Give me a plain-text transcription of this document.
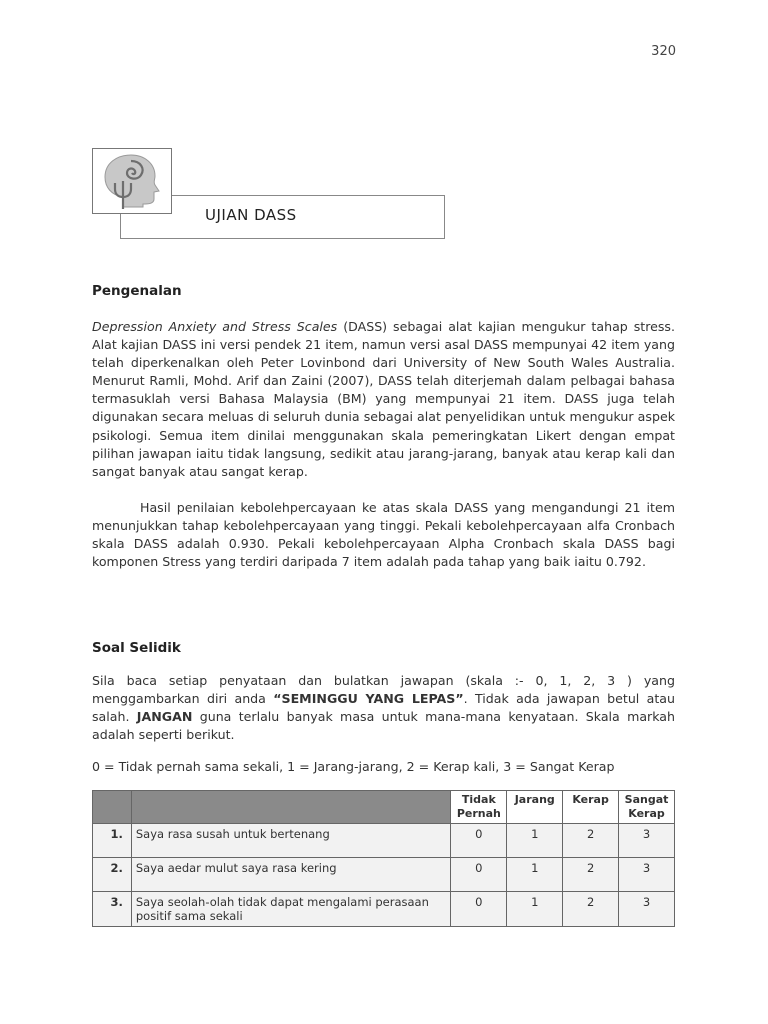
320
UJIAN DASS
Pengenalan

Depression Anxiety and Stress Scales (DASS) sebagai alat kajian mengukur tahap stress. Alat kajian DASS ini versi pendek 21 item, namun versi asal DASS mempunyai 42 item yang telah diperkenalkan oleh Peter Lovinbond dari University of New South Wales Australia. Menurut Ramli, Mohd. Arif dan Zaini (2007), DASS telah diterjemah dalam pelbagai bahasa termasuklah versi Bahasa Malaysia (BM) yang mempunyai 21 item. DASS juga telah digunakan secara meluas di seluruh dunia sebagai alat penyelidikan untuk mengukur aspek psikologi. Semua item dinilai menggunakan skala pemeringkatan Likert dengan empat pilihan jawapan iaitu tidak langsung, sedikit atau jarang-jarang, banyak atau kerap kali dan sangat banyak atau sangat kerap.

Hasil penilaian kebolehpercayaan ke atas skala DASS yang mengandungi 21 item menunjukkan tahap kebolehpercayaan yang tinggi. Pekali kebolehpercayaan alfa Cronbach skala DASS adalah 0.930. Pekali kebolehpercayaan Alpha Cronbach skala DASS bagi komponen Stress yang terdiri daripada 7 item adalah pada tahap yang baik iaitu 0.792.

Soal Selidik

Sila baca setiap penyataan dan bulatkan jawapan (skala :- 0, 1, 2, 3 ) yang menggambarkan diri anda “SEMINGGU YANG LEPAS”. Tidak ada jawapan betul atau salah. JANGAN guna terlalu banyak masa untuk mana-mana kenyataan. Skala markah adalah seperti berikut.

0 = Tidak pernah sama sekali, 1 = Jarang-jarang, 2 = Kerap kali, 3 = Sangat Kerap
		Tidak Pernah	Jarang	Kerap	Sangat Kerap
1.	Saya rasa susah untuk bertenang	0	1	2	3
2.	Saya aedar mulut saya rasa kering	0	1	2	3
3.	Saya seolah-olah tidak dapat mengalami perasaan positif sama sekali	0	1	2	3
